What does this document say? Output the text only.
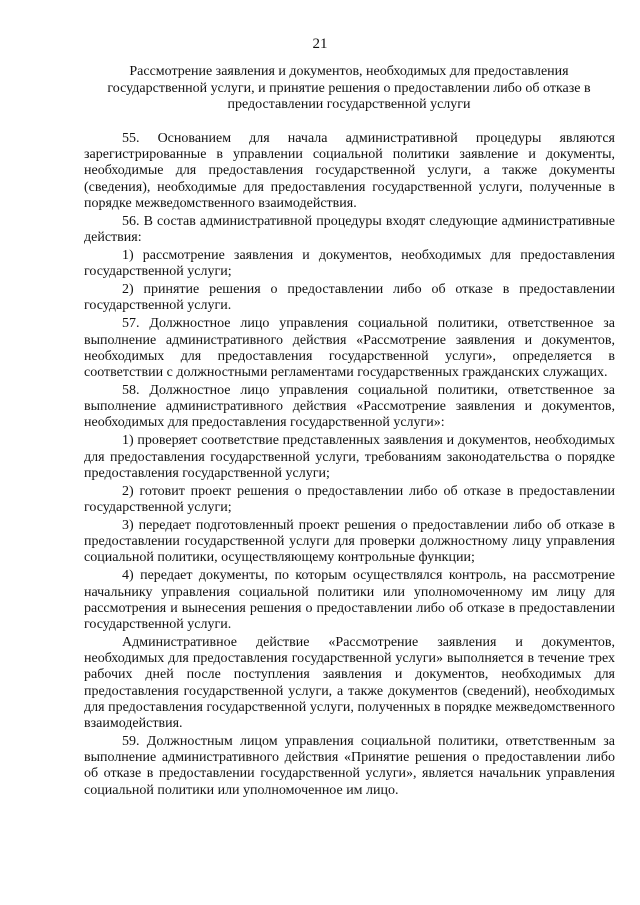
21
Рассмотрение заявления и документов, необходимых для предоставления государственной услуги, и принятие решения о предоставлении либо об отказе в предоставлении государственной услуги

55. Основанием для начала административной процедуры являются зарегистрированные в управлении социальной политики заявление и документы, необходимые для предоставления государственной услуги, а также документы (сведения), необходимые для предоставления государственной услуги, полученные в порядке межведомственного взаимодействия.

56. В состав административной процедуры входят следующие административные действия:

1) рассмотрение заявления и документов, необходимых для предоставления государственной услуги;

2) принятие решения о предоставлении либо об отказе в предоставлении государственной услуги.

57. Должностное лицо управления социальной политики, ответственное за выполнение административного действия «Рассмотрение заявления и документов, необходимых для предоставления государственной услуги», определяется в соответствии с должностными регламентами государственных гражданских служащих.

58. Должностное лицо управления социальной политики, ответственное за выполнение административного действия «Рассмотрение заявления и документов, необходимых для предоставления государственной услуги»:

1) проверяет соответствие представленных заявления и документов, необходимых для предоставления государственной услуги, требованиям законодательства о порядке предоставления государственной услуги;

2) готовит проект решения о предоставлении либо об отказе в предоставлении государственной услуги;

3) передает подготовленный проект решения о предоставлении либо об отказе в предоставлении государственной услуги для проверки должностному лицу управления социальной политики, осуществляющему контрольные функции;

4) передает документы, по которым осуществлялся контроль, на рассмотрение начальнику управления социальной политики или уполномоченному им лицу для рассмотрения и вынесения решения о предоставлении либо об отказе в предоставлении государственной услуги.

Административное действие «Рассмотрение заявления и документов, необходимых для предоставления государственной услуги» выполняется в течение трех рабочих дней после поступления заявления и документов, необходимых для предоставления государственной услуги, а также документов (сведений), необходимых для предоставления государственной услуги, полученных в порядке межведомственного взаимодействия.

59. Должностным лицом управления социальной политики, ответственным за выполнение административного действия «Принятие решения о предоставлении либо об отказе в предоставлении государственной услуги», является начальник управления социальной политики или уполномоченное им лицо.
